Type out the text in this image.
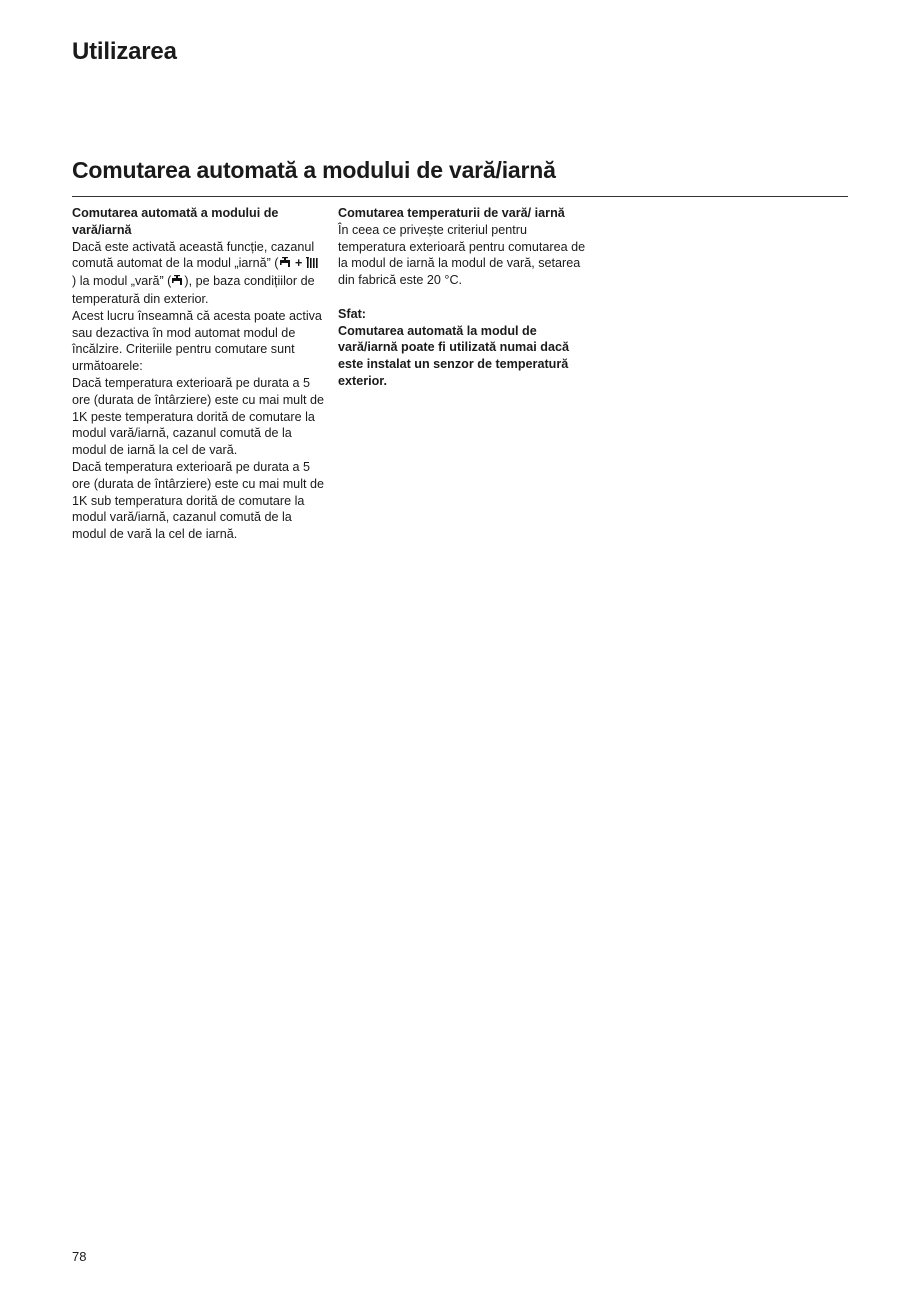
Utilizarea
Comutarea automată a modului de vară/iarnă

Comutarea automată a modului de vară/iarnă

Dacă este activată această funcție, cazanul comută automat de la modul „iarnă” ( + ) la modul „vară” ( ), pe baza condițiilor de temperatură din exterior.

Acest lucru înseamnă că acesta poate activa sau dezactiva în mod automat modul de încălzire. Criteriile pentru comutare sunt următoarele:

Dacă temperatura exterioară pe durata a 5 ore (durata de întârziere) este cu mai mult de 1K peste temperatura dorită de comutare la modul vară/iarnă, cazanul comută de la modul de iarnă la cel de vară.

Dacă temperatura exterioară pe durata a 5 ore (durata de întârziere) este cu mai mult de 1K sub temperatura dorită de comutare la modul vară/iarnă, cazanul comută de la modul de vară la cel de iarnă.

Comutarea temperaturii de vară/ iarnă

În ceea ce privește criteriul pentru temperatura exterioară pentru comutarea de la modul de iarnă la modul de vară, setarea din fabrică este 20 °C.

Sfat:

Comutarea automată la modul de vară/iarnă poate fi utilizată numai dacă este instalat un senzor de temperatură exterior.

78
